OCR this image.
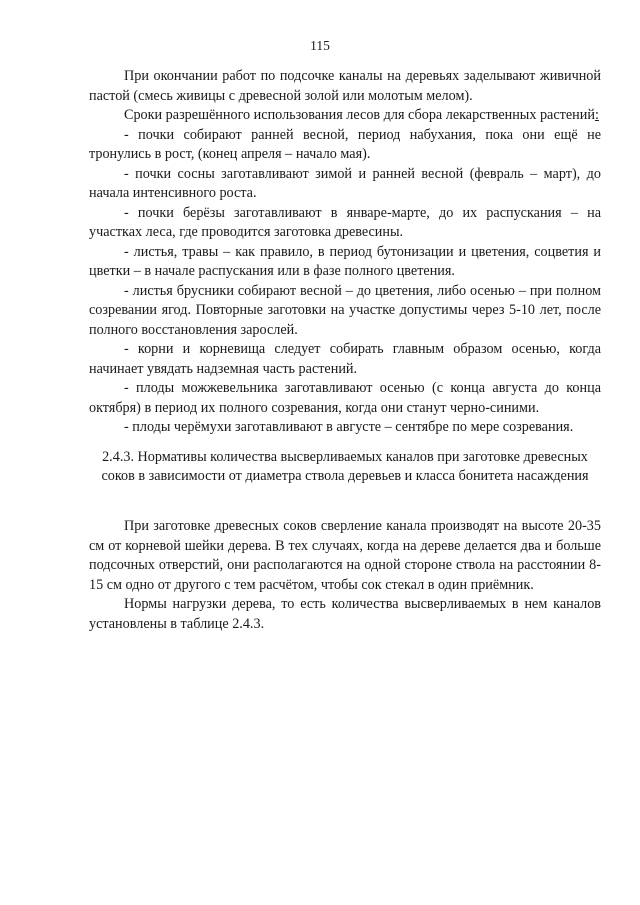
115

При окончании работ по подсочке каналы на деревьях заделывают живичной пастой (смесь живицы с древесной золой или молотым мелом).

Сроки разрешённого использования лесов для сбора лекарственных растений:

- почки собирают ранней весной, период набухания, пока они ещё не тронулись в рост, (конец апреля – начало мая).

- почки сосны заготавливают зимой и ранней весной (февраль – март), до начала интенсивного роста.

- почки берёзы заготавливают в январе-марте, до их распускания – на участках леса, где проводится заготовка древесины.

- листья, травы – как правило, в период бутонизации и цветения, соцветия и цветки – в начале распускания или в фазе полного цветения.

- листья брусники собирают весной – до цветения, либо осенью – при полном созревании ягод. Повторные заготовки на участке допустимы через 5-10 лет, после полного восстановления зарослей.

- корни и корневища следует собирать главным образом осенью, когда начинает увядать надземная часть растений.

- плоды можжевельника заготавливают осенью (с конца августа до конца октября) в период их полного созревания, когда они станут черно-синими.

- плоды черёмухи заготавливают в августе – сентябре по мере созревания.

2.4.3. Нормативы количества высверливаемых каналов при заготовке древесных соков в зависимости от диаметра ствола деревьев и класса бонитета насаждения

При заготовке древесных соков сверление канала производят на высоте 20-35 см от корневой шейки дерева. В тех случаях, когда на дереве делается два и больше подсочных отверстий, они располагаются на одной стороне ствола на расстоянии 8-15 см одно от другого с тем расчётом, чтобы сок стекал в один приёмник.

Нормы нагрузки дерева, то есть количества высверливаемых в нем каналов установлены в таблице 2.4.3.
